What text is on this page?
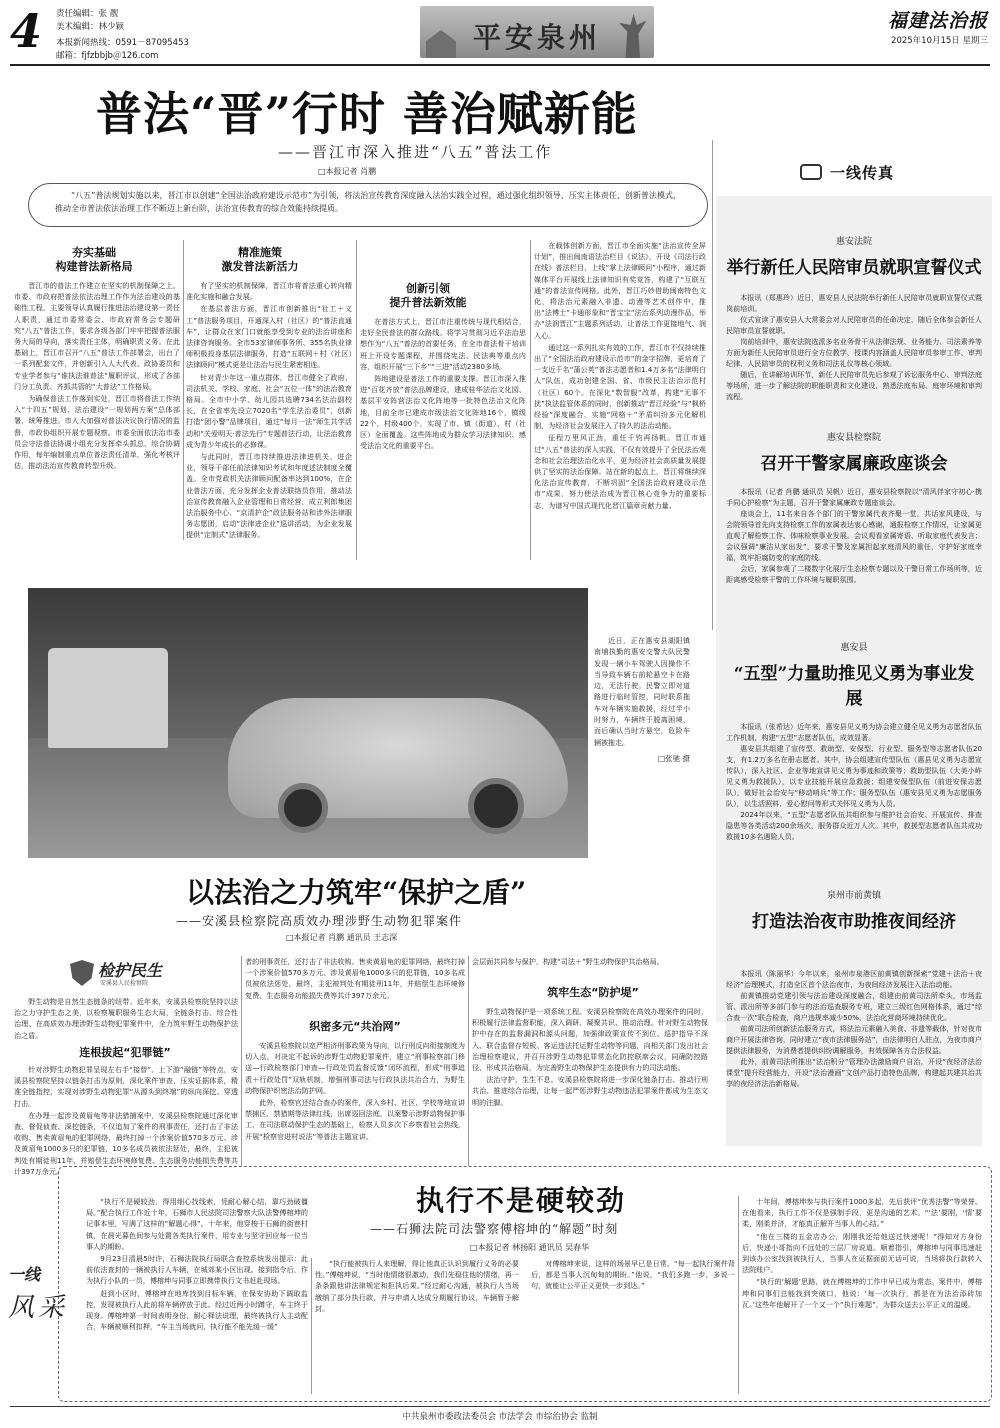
4 责任编辑：张 靓
美术编辑：林少颖
本报新闻热线：0591－87095453
邮箱：fjfzbbjb＠126.com
平安泉州	福建法治报
2025年10月15日 星期三
普法“晋”行时 善治赋新能
——晋江市深入推进“八五”普法工作
□本报记者 肖鹏
“八五”普法规划实施以来，晋江市以创建“全国法治政府建设示范市”为引领，将法治宣传教育深度融入法治实践全过程，通过强化组织领导、压实主体责任、创新普法模式，推动全市普法依法治理工作不断迈上新台阶，法治宣传教育的综合效能持续提质。
夯实基础
构建普法新格局

晋江市的普法工作建立在坚实的机制保障之上。市委、市政府把普法依法治理工作作为法治建设的基础性工程，主要领导认真履行推进法治建设第一责任人职责，通过市委常委会、市政府常务会专题研究“八五”普法工作，要求各级各部门牢牢把握普法服务大局的导向，落实责任主体，明确职责义务。在此基础上，晋江市召开“八五”普法工作部署会，出台了一系列配套文件，并创新引入人大代表、政协委员和专业学者参与“谁执法谁普法”履职评议，形成了各部门分工负责、齐抓共管的“大普法”工作格局。

为确保普法工作落到实处，晋江市将普法工作纳入“十四五”规划、法治建设“一规划两方案”总体部署，统筹推进。市人大加强对普法决议执行情况的监督，市政协组织开展专题视察。市委全面依法治市委员会守法普法协调小组充分发挥牵头抓总、综合协调作用，每年编制重点单位普法责任清单，强化考核评估，推动法治宣传教育转型升级。

精准施策
激发普法新活力

有了坚实的机制保障，晋江市将普法重心转向精准化实施和融合发展。

在基层普法方面，晋江市创新推出“社工＋义工”普法服务项目，开通深入村（社区）的“普法直通车”，让群众在家门口就能享受到专业的法治讲座和法律咨询服务。全市53家律师事务所、355名执业律师积极投身基层法律服务，打造“五联网＋村（社区）法律顾问”模式更是让法治与民生紧密相连。

针对青少年这一重点群体，晋江市健全了政府、司法机关、学校、家庭、社会“五位一体”的法治教育格局。全市中小学、幼儿园共选聘734名法治副校长，在全省率先设立7020名“学生法治委员”，创新打造“团小警”品牌项目，通过“每月一法”师生共学活动和“关爱明天·普法先行”专题普法行动，让法治教育成为青少年成长的必修课。

与此同时，晋江市持续推进法律进机关、进企业，领导干部任前法律知识考试和年度述法制度全覆盖。全市党政机关法律顾问配备率达到100%，在企业普法方面，充分发挥企业普法联络员作用，推动法治宣传教育融入企业管理和日常经营，成立利郎集团法治服务中心、“京清护企”政法服务站和涉外法律服务志愿团，启动“法律进企业”巡讲活动，为企业发展提供“定制式”法律服务。

创新引领
提升普法新效能

在普法方式上，晋江市注重传统与现代相结合，走好全民普法的群众路线。将学习贯彻习近平法治思想作为“八五”普法的首要任务，在全市普法骨干培训班上开设专题课程，并围绕宪法、民法典等重点内容，组织开展“三下乡”“三进”活动2380多场。

阵地建设是普法工作的重要支撑。晋江市深入推进“百花齐放”普法品牌建设，建成桂华法治文化园、基层平安阵营法治文化阵地等一批特色法治文化阵地，目前全市已建成市级法治文化阵地16个，镇级22个，村级400个，实现了市、镇（街道）、村（社区）全面覆盖。这些阵地成为群众学习法律知识、感受法治文化的重要平台。

在载体创新方面，晋江市全面实施“法治宣传全屏计划”，推出闽南语法治栏目《说法》，开设《司法行政在线》普法栏目，上线“掌上法律顾问”小程序，通过新媒体平台开展线上法律知识有奖竞答，构建了“互联互通”的普法宣传网格。此外，晋江巧妙借助闽南特色文化，将法治元素融入非遗、动漫等艺术创作中，推出“法博士”卡通形象和“晋宝宝”法治系列动漫作品，举办“法润晋江”主题系列活动，让普法工作更接地气、润入心。

通过这一系列扎实有效的工作，晋江市不仅持续推出了“全国法治政府建设示范市”的金字招牌，更培育了一支近千名“蒲公英”普法志愿者和1.4万多名“法律明白人”队伍，成功创建全国、省、市级民主法治示范村（社区）60个。在深化“数智服”改革，构建“无事不扰”执法监管体系的同时，创新推动“晋江经验”与“枫桥经验”深度融合，实施“网格＋”矛盾纠纷多元化解机制，为经济社会发展注入了持久的法治动能。

征程万里风正劲，重任千钧再扬帆。晋江市通过“八五”普法的深入实践，不仅有效提升了全民法治观念和社会治理法治化水平，更为经济社会高质量发展提供了坚实的法治保障。站在新的起点上，晋江将继续深化法治宣传教育，不断巩固“全国法治政府建设示范市”成果，努力使法治成为晋江核心竞争力的重要标志，为谱写中国式现代化晋江篇章贡献力量。

近日，正在惠安县湖阳镇南埔执勤的惠安交警大队民警发现一辆小车驾驶人因操作不当导致车辆右前轮悬空卡在路边，无法行驶。民警立即对道路进行临时管控，同时联系拖车对车辆实施救援，经过半小时努力，车辆终于脱离困境，而后确认当时方悬空，危险车辆被拖走。
□张驰 摄
一线传真
惠安法院
举行新任人民陪审员就职宣誓仪式

本报讯（郑惠玲）近日，惠安县人民法院举行新任人民陪审员就职宣誓仪式暨岗前培训。

仪式宣读了惠安县人大常委会对人民陪审员的任命决定，随后全体参会新任人民陪审员宣誓就职。

岗前培训中，惠安法院选派多名业务骨干从法律法规、业务能力、司法素养等方面为新任人民陪审员进行全方位教学，授课内容涵盖人民陪审员参审工作、审判纪律、人民陪审员的权利义务和司法礼仪等核心领域。

随后，在讲解培训环节，新任人民陪审员先后参观了诉讼服务中心、审判法庭等场所，进一步了解法院的职能职责和文化建设，熟悉法庭布局、庭审环境和审判流程。

惠安县检察院
召开干警家属廉政座谈会

本报讯（记者 肖鹏 通讯员 吴帆）近日，惠安县检察院以“清风伴家守初心·携手同心护检察”为主题，召开干警家属廉政专题座谈会。

座谈会上，11名来自各个部门的干警家属代表齐聚一堂，共话家风建设，与会院领导首先向支持检察工作的家属表达衷心感谢，通报检察工作情况，让家属更直观了解检察工作、体味检察事业发展。会议观看家属寄语、听取家庭代表发言；会议强调“廉洁从家出发”，要求干警及家属担起家庭清风的重任，守护好家庭幸福，筑牢拒腐防变的家庭防线。

会后，家属参观了二楼数字化展厅生态检察专题以及干警日常工作场所等，近距离感受检察干警的工作环境与履职氛围。

惠安县
“五型”力量助推见义勇为事业发展

本报讯（张希达）近年来，惠安县见义勇为协会建立健全见义勇为志愿者队伍工作机制，构建“五型”志愿者队伍，成效显著。

惠安县共组建了宣传型、救助型、安保型、行业型、服务型等志愿者队伍20支，有1.2万多名在册志愿者。其中，协会组建宣传型队伍（惠县见义勇为志愿宣传队），深入社区、企业等地宣讲见义勇为事迹和政策等；救助型队伍（大美小岞见义勇为救援队），以专业技能开展应急救援；组建安保型队伍（前进安保志愿队），做好社会治安与“移动哨兵”等工作；服务型队伍（惠安县见义勇为志愿服务队），以生活照料、爱心慰问等形式关怀见义勇为人员。

2024年以来，“五型”志愿者队伍共组织参与维护社会治安、开展宣传、排查隐患等各类活动200余场次，服务群众近万人次。其中，救援型志愿者队伍共成功救援10多名遇险人员。

泉州市前黄镇
打造法治夜市助推夜间经济

本报讯（陈丽华）今年以来，泉州市泉港区前黄镇创新探索“党建＋法治＋夜经济”治理模式，打造全区首个法治夜市，为夜间经济发展注入法治动能。

前黄镇推动党建引领与法治建设深度融合，组建由前黄司法所牵头，市场监管、派出所等多部门参与的法治巡查服务专班，建立三级红色网格体系，通过“综合查一次”联合检查，商户违规率减少50%，法治化营商环境持续优化。

前黄司法所创新法治服务方式，将法治元素融入美食、非遗等载体，针对夜市商户开展法律咨询，同时建立“夜市法律服务站”，由法律明白人驻点，为夜市商户提供法律服务，为消费者提供纠纷调解服务，有效保障各方合法权益。

此外，前黄司法所推出“法治积分”管理办法激励商户自治，开设“夜经济法治课堂”提升经营能力，开设“法治漫画”文创产品打造特色品牌，构建起共建共治共享的夜经济法治新格局。

以法治之力筑牢“保护之盾”
——安溪县检察院高质效办理涉野生动物犯罪案件
□本报记者 肖鹏 通讯员 王志深
检护民生
安溪县人民检察院

野生动物是自然生态链条的纽带。近年来，安溪县检察院坚持以法治之力守护生态之美，以检察履职服务生态大局，全链条打击、综合性治理、在高质效办理涉野生动物犯罪案件中，全力筑牢野生动物保护法治之盾。

连根拔起“犯罪链”

针对涉野生动物犯罪呈现左右手“接替”、上下游“融链”等特点，安溪县检察院坚持以链条打击为原则，深化案件审查，压实证据体系，精准全链指控，实现对涉野生动物犯罪“从源头到终端”的纵向深挖、穿透打击。

在办理一起涉及黄眉龟等非法猎捕案中，安溪县检察院通过深化审查、督促侦查、深挖链条，不仅追加了案件的刑事责任，还打击了非法收购、售卖黄眉龟的犯罪网络，最终打掉一个涉案价值570多万元、涉及黄眉龟1000多只的犯罪链，10多名成员被依法惩处，最终，主犯被判处有期徒刑11年，并赔偿生态环境修复费、生态服务功能损失费等共计397万余元。

者的刑事责任，还打击了非法收购、售卖黄眉龟的犯罪网络，最终打掉一个涉案价值570多万元、涉及黄眉龟1000多只的犯罪链，10多名成员被依法惩处，最终，主犯被判处有期徒刑11年，并赔偿生态环境修复费、生态服务功能损失费等共计397万余元。

织密多元“共治网”

安溪县检察院以宽严相济刑事政策为导向，以行刑反向衔接制度为切入点，对决定不起诉的涉野生动物犯罪案件，建立“刑事检察部门移送—行政检察部门审查—行政处罚监督反馈”闭环流程，形成“刑事追责＋行政处罚”双轨机制，增强刑事司法与行政执法共治合力，为野生动物保护织密法治防护网。

此外，检察官还结合查办的案件，深入乡村、社区、学校等地宣讲禁捕区、禁猎期等法律红线，出席巡回法庭，以案警示涉野动物保护事工，在司法联动保护生态的基础上，检察人员多次下乡察看社会热线，开展“检察官进村说法”等普法主题宣讲。

会层面共同参与保护，构建“司法＋”野生动物保护共治格局。

筑牢生态“防护堤”

野生动物保护是一项系统工程。安溪县检察院在高效办理案件的同时，积极履行法律监督职能，深入调研、凝聚共识、推动治理。针对野生动物保护中存在的监督漏洞和源头问题，加强律政策宣传不到位、巡护指导不深入、联合监督存短板、客运违法托运野生动物等问题，向相关部门发出社会治理检察建议，并召开涉野生动物犯罪常态化防控联席会议，同确防控路径、形成共治格局，为完善野生动物保护生态提供有力的司法动能。

法治守护，生生不息。安溪县检察院将进一步深化链条打击、推动行刑共治、推进综合治理，让每一起严惩涉野生动物违法犯罪案件都成为生态文明的注脚。

一线
风采
执行不是硬较劲
——石狮法院司法警察傅榕坤的“解题”时刻
□本报记者 林扬阳 通讯员 吴春华

“执行不是硬较劲，得用细心找线索，凭耐心解心结，靠巧劲破僵局。”配合执行工作近十年，石狮市人民法院司法警察大队法警傅榕坤的记事本里，写满了这样的“解题心得”。十年来，他穿梭于石狮的街巷村镇，在晨光暮色间参与处置各类执行案件，用专业与坚守回应每一位当事人的期盼。

9月23日清晨5时许，石狮法院执行局联合查控系统发出提示：此前依法查封的一辆被执行人车辆，在城郊某小区出现。接到指令后，作为执行小队的一员，傅榕坤与同事立即携带执行文书赶赴现场。

赶到小区时，傅榕坤在地库找到目标车辆，在保安协助下调取监控，发现被执行人此前将车辆停放于此。经过近两小时蹲守，车主终于现身。傅榕坤第一时间表明身份，耐心释法说理，最终被执行人主动配合，车辆被顺利扣押，“车主当场就问，执行能不能先缓一缓”

“执行能被执行人来理解，得让他真正认识到履行义务的必要性。”傅榕坤说，“当时他情绪很激动，我们先稳住他的情绪，再一条条跟他讲法律规定和拒执后果。”经过耐心沟通，被执行人当场缴纳了部分执行款，并与申请人达成分期履行协议，车辆暂予解封。

对傅榕坤来说，这样的场景早已是日常。“每一起执行案件背后，都是当事人沉甸甸的期盼。”他说，“我们多跑一步，多说一句，就能让公平正义更快一步到达。”

十年间，傅榕坤参与执行案件1000多起，先后获评“优秀法警”等荣誉。在他看来，执行工作不仅是强制手段，更是沟通的艺术。“‘法’要刚，‘情’要柔，刚柔并济，才能真正解开当事人的心结。”

“他在三楼的五金店办公，刚刚我还给他送过快递呢！”得知对方身份后，快递小哥指向不远处的三层厂房说道。顺着指引，傅榕坤与同事迅速赶到该办公室找到被执行人，当事人在证据面前无话可说，当场将执行款转入法院账户。

“执行的‘解题’思路，就在傅榕坤的工作中早已成为常态。案件中，傅榕坤和同事们总能找到突破口，他说：‘每一次执行，都是在为法治添砖加瓦。’这些年他解开了一个又一个“执行难题”，为群众送去公平正义的温暖。

中共泉州市委政法委员会 市法学会 市综治协会 监制
